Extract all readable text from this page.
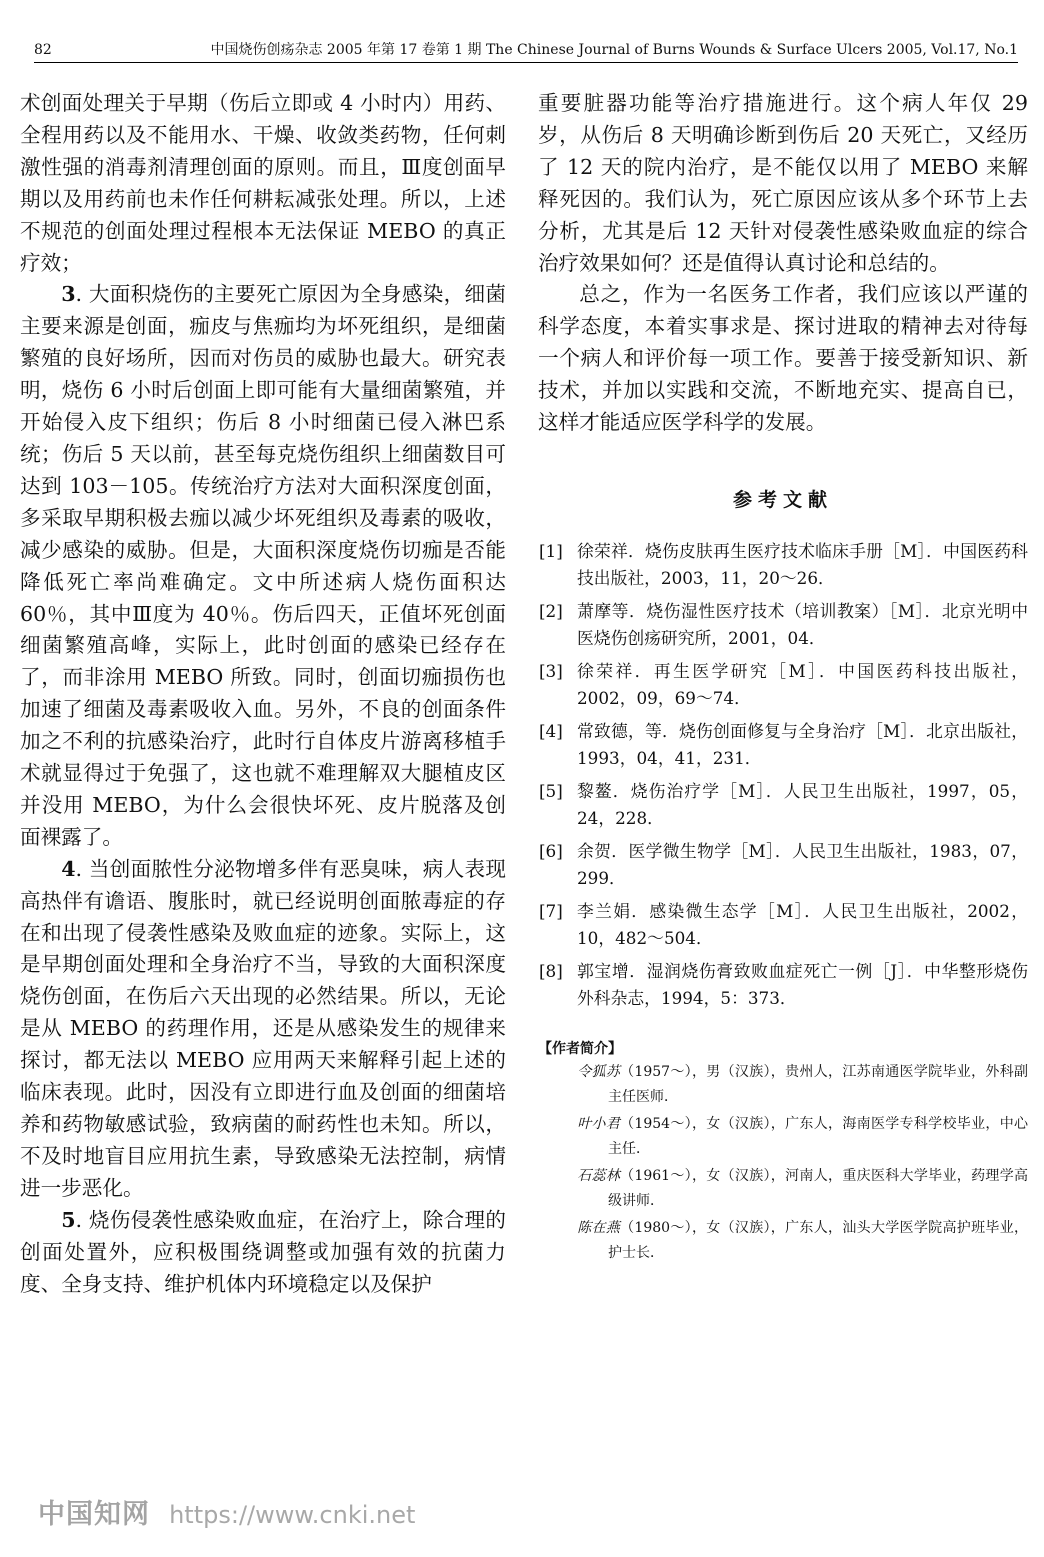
82	中国烧伤创疡杂志 2005 年第 17 卷第 1 期 The Chinese Journal of Burns Wounds & Surface Ulcers 2005, Vol.17, No.1

术创面处理关于早期（伤后立即或 4 小时内）用药、全程用药以及不能用水、干燥、收敛类药物，任何刺激性强的消毒剂清理创面的原则。而且，Ⅲ度创面早期以及用药前也未作任何耕耘减张处理。所以，上述不规范的创面处理过程根本无法保证 MEBO 的真正疗效；

3. 大面积烧伤的主要死亡原因为全身感染，细菌主要来源是创面，痂皮与焦痂均为坏死组织，是细菌繁殖的良好场所，因而对伤员的威胁也最大。研究表明，烧伤 6 小时后创面上即可能有大量细菌繁殖，并开始侵入皮下组织；伤后 8 小时细菌已侵入淋巴系统；伤后 5 天以前，甚至每克烧伤组织上细菌数目可达到 103－105。传统治疗方法对大面积深度创面，多采取早期积极去痂以减少坏死组织及毒素的吸收，减少感染的威胁。但是，大面积深度烧伤切痂是否能降低死亡率尚难确定。文中所述病人烧伤面积达 60％，其中Ⅲ度为 40％。伤后四天，正值坏死创面细菌繁殖高峰，实际上，此时创面的感染已经存在了，而非涂用 MEBO 所致。同时，创面切痂损伤也加速了细菌及毒素吸收入血。另外，不良的创面条件加之不利的抗感染治疗，此时行自体皮片游离移植手术就显得过于免强了，这也就不难理解双大腿植皮区并没用 MEBO，为什么会很快坏死、皮片脱落及创面裸露了。

4. 当创面脓性分泌物增多伴有恶臭味，病人表现高热伴有谵语、腹胀时，就已经说明创面脓毒症的存在和出现了侵袭性感染及败血症的迹象。实际上，这是早期创面处理和全身治疗不当，导致的大面积深度烧伤创面，在伤后六天出现的必然结果。所以，无论是从 MEBO 的药理作用，还是从感染发生的规律来探讨，都无法以 MEBO 应用两天来解释引起上述的临床表现。此时，因没有立即进行血及创面的细菌培养和药物敏感试验，致病菌的耐药性也未知。所以，不及时地盲目应用抗生素，导致感染无法控制，病情进一步恶化。

5. 烧伤侵袭性感染败血症，在治疗上，除合理的创面处置外，应积极围绕调整或加强有效的抗菌力度、全身支持、维护机体内环境稳定以及保护

重要脏器功能等治疗措施进行。这个病人年仅 29 岁，从伤后 8 天明确诊断到伤后 20 天死亡，又经历了 12 天的院内治疗，是不能仅以用了 MEBO 来解释死因的。我们认为，死亡原因应该从多个环节上去分析，尤其是后 12 天针对侵袭性感染败血症的综合治疗效果如何？还是值得认真讨论和总结的。

总之，作为一名医务工作者，我们应该以严谨的科学态度，本着实事求是、探讨进取的精神去对待每一个病人和评价每一项工作。要善于接受新知识、新技术，并加以实践和交流，不断地充实、提高自已，这样才能适应医学科学的发展。

参考文献
[1] 徐荣祥．烧伤皮肤再生医疗技术临床手册［M］．中国医药科技出版社，2003，11，20～26．
[2] 萧摩等．烧伤湿性医疗技术（培训教案）［M］．北京光明中医烧伤创疡研究所，2001，04．
[3] 徐荣祥．再生医学研究［M］．中国医药科技出版社，2002，09，69～74．
[4] 常致德，等．烧伤创面修复与全身治疗［M］．北京出版社，1993，04，41，231．
[5] 黎鳌．烧伤治疗学［M］．人民卫生出版社，1997，05，24，228．
[6] 余贺．医学微生物学［M］．人民卫生出版社，1983，07，299．
[7] 李兰娟．感染微生态学［M］．人民卫生出版社，2002，10，482～504．
[8] 郭宝增．湿润烧伤膏致败血症死亡一例［J］．中华整形烧伤外科杂志，1994，5：373．
【作者简介】
令狐苏（1957～），男（汉族），贵州人，江苏南通医学院毕业，外科副主任医师．
叶小君（1954～），女（汉族），广东人，海南医学专科学校毕业，中心主任．
石蕊林（1961～），女（汉族），河南人，重庆医科大学毕业，药理学高级讲师．
陈在燕（1980～），女（汉族），广东人，汕头大学医学院高护班毕业，护士长．
中国知网 https://www.cnki.net
